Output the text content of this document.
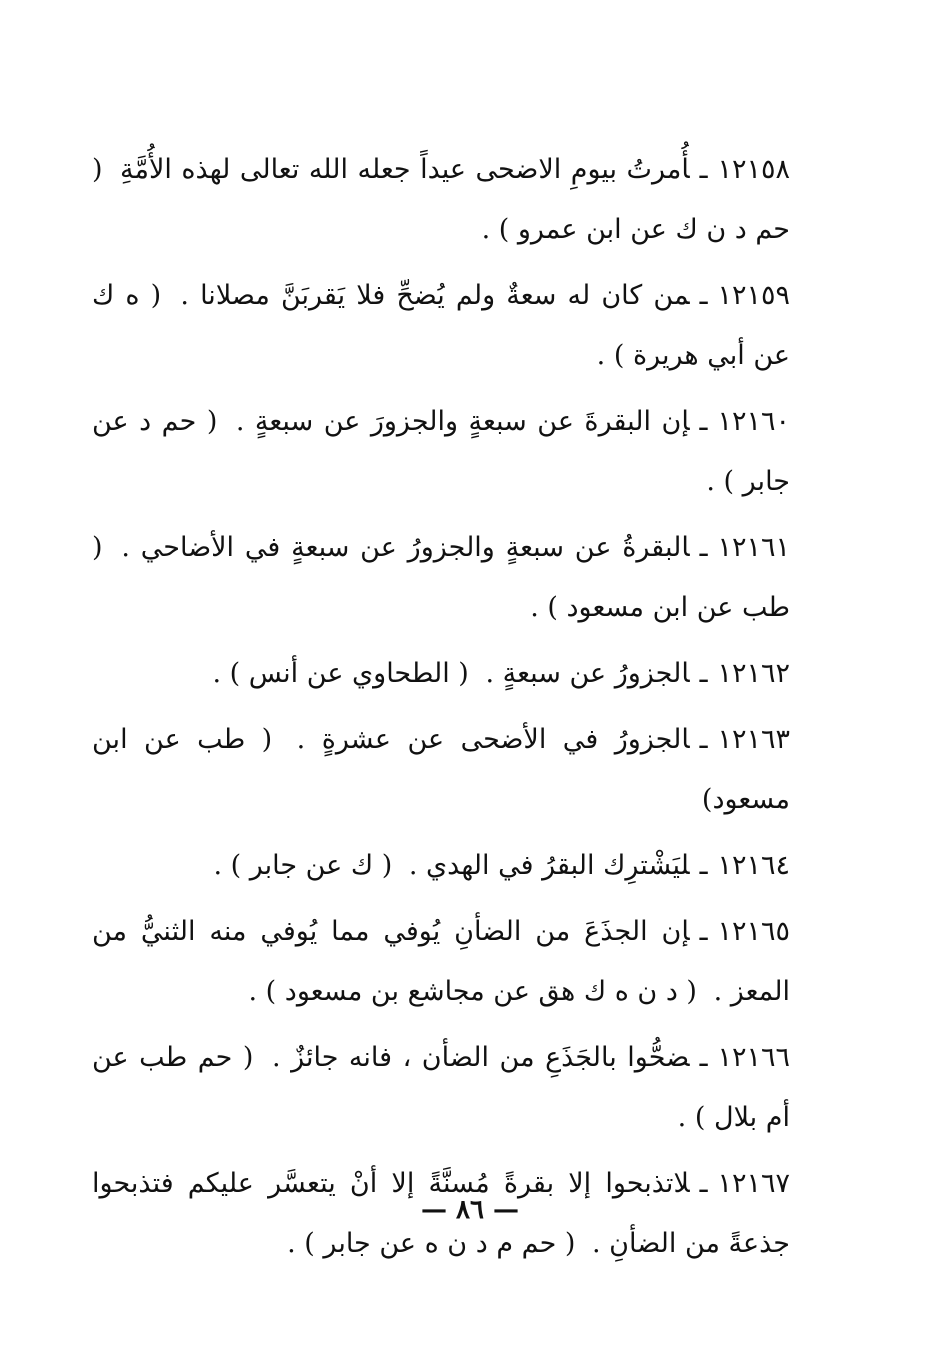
١٢١٥٨ـأُمرتُ بيومِ الاضحى عيداً جعله الله تعالى لهذه الأُمَّةِ ( حم د ن ك عن ابن عمرو ) .

١٢١٥٩ـمن كان له سعةٌ ولم يُضحِّ فلا يَقربَنَّ مصلانا . ( ه ك عن أبي هريرة ) .

١٢١٦٠ـإن البقرةَ عن سبعةٍ والجزورَ عن سبعةٍ . ( حم د عن جابر ) .

١٢١٦١ـالبقرةُ عن سبعةٍ والجزورُ عن سبعةٍ في الأضاحي . ( طب عن ابن مسعود ) .

١٢١٦٢ـالجزورُ عن سبعةٍ . ( الطحاوي عن أنس ) .

١٢١٦٣ـالجزورُ في الأضحى عن عشرةٍ . ( طب عن ابن مسعود)

١٢١٦٤ـليَشْترِك البقرُ في الهدي . ( ك عن جابر ) .

١٢١٦٥ـإن الجذَعَ من الضأنِ يُوفي مما يُوفي منه الثنيُّ من المعز . ( د ن ه ك هق عن مجاشع بن مسعود ) .

١٢١٦٦ـضحُّوا بالجَذَعِ من الضأن ، فانه جائزٌ . ( حم طب عن أم بلال ) .

١٢١٦٧ـلاتذبحوا إلا بقرةً مُسنَّةً إلا أنْ يتعسَّر عليكم فتذبحوا جذعةً من الضأنِ . ( حم م د ن ه عن جابر ) .

— ٨٦ —
